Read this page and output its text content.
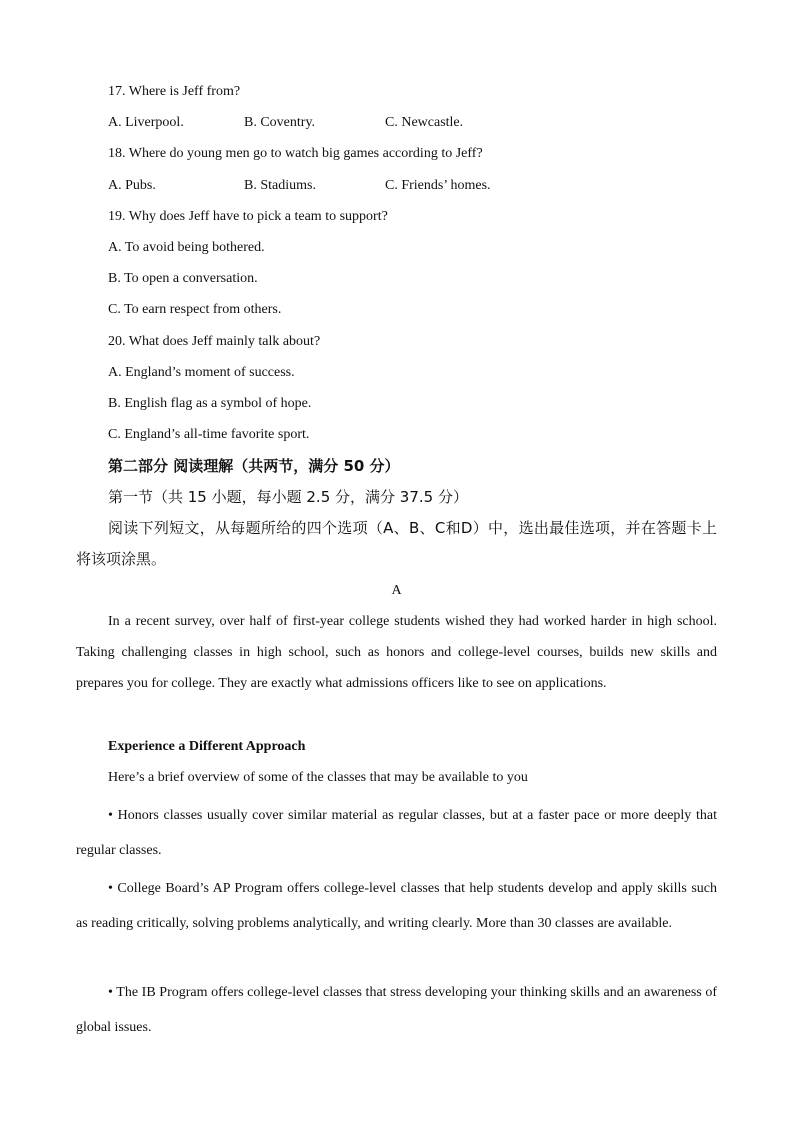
17. Where is Jeff from?
A. Liverpool.	B. Coventry.	C. Newcastle.
18. Where do young men go to watch big games according to Jeff?
A. Pubs.	B. Stadiums.	C. Friends’ homes.
19. Why does Jeff have to pick a team to support?
A. To avoid being bothered.
B. To open a conversation.
C. To earn respect from others.
20. What does Jeff mainly talk about?
A. England’s moment of success.
B. English flag as a symbol of hope.
C. England’s all-time favorite sport.
第二部分 阅读理解（共两节，满分 50 分）
第一节（共 15 小题，每小题 2.5 分，满分 37.5 分）
阅读下列短文，从每题所给的四个选项（A、B、C和D）中，选出最佳选项，并在答题卡上将该项涂黑。
A
In a recent survey, over half of first-year college students wished they had worked harder in high school. Taking challenging classes in high school, such as honors and college-level courses, builds new skills and prepares you for college. They are exactly what admissions officers like to see on applications.
Experience a Different Approach
Here’s a brief overview of some of the classes that may be available to you
• Honors classes usually cover similar material as regular classes, but at a faster pace or more deeply that regular classes.
• College Board’s AP Program offers college-level classes that help students develop and apply skills such as reading critically, solving problems analytically, and writing clearly. More than 30 classes are available.
• The IB Program offers college-level classes that stress developing your thinking skills and an awareness of global issues.
